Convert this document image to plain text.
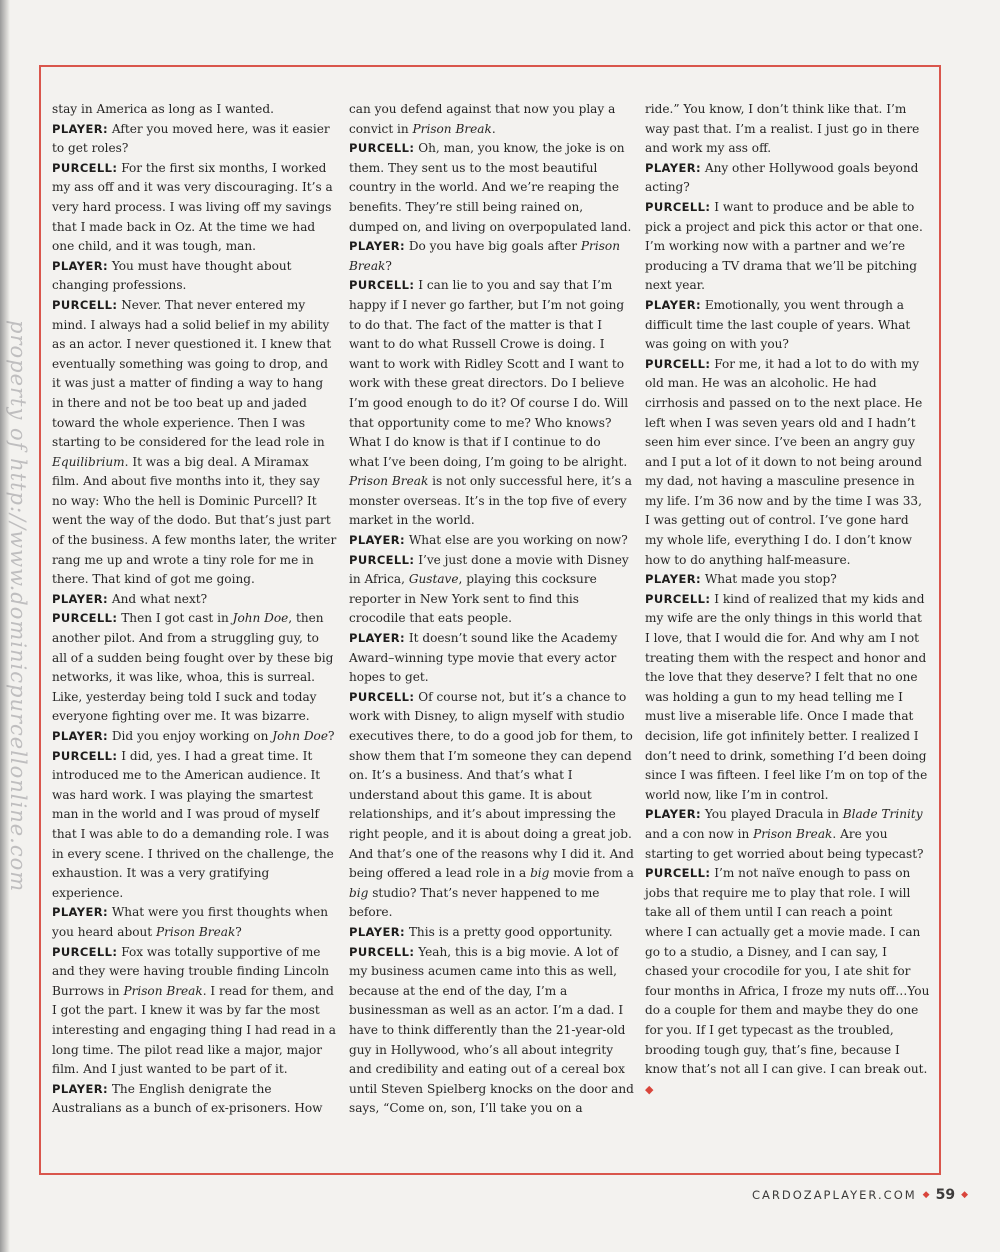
stay in America as long as I wanted.

PLAYER: After you moved here, was it easier to get roles?

PURCELL: For the first six months, I worked my ass off and it was very discouraging. It’s a very hard process. I was living off my savings that I made back in Oz. At the time we had one child, and it was tough, man.

PLAYER: You must have thought about changing professions.

PURCELL: Never. That never entered my mind. I always had a solid belief in my ability as an actor. I never questioned it. I knew that eventually something was going to drop, and it was just a matter of finding a way to hang in there and not be too beat up and jaded toward the whole experience. Then I was starting to be considered for the lead role in Equilibrium. It was a big deal. A Miramax film. And about five months into it, they say no way: Who the hell is Dominic Purcell? It went the way of the dodo. But that’s just part of the business. A few months later, the writer rang me up and wrote a tiny role for me in there. That kind of got me going.

PLAYER: And what next?

PURCELL: Then I got cast in John Doe, then another pilot. And from a struggling guy, to all of a sudden being fought over by these big networks, it was like, whoa, this is surreal. Like, yesterday being told I suck and today everyone fighting over me. It was bizarre.

PLAYER: Did you enjoy working on John Doe?

PURCELL: I did, yes. I had a great time. It introduced me to the American audience. It was hard work. I was playing the smartest man in the world and I was proud of myself that I was able to do a demanding role. I was in every scene. I thrived on the challenge, the exhaustion. It was a very gratifying experience.

PLAYER: What were you first thoughts when you heard about Prison Break?

PURCELL: Fox was totally supportive of me and they were having trouble finding Lincoln Burrows in Prison Break. I read for them, and I got the part. I knew it was by far the most interesting and engaging thing I had read in a long time. The pilot read like a major, major film. And I just wanted to be part of it.

PLAYER: The English denigrate the Australians as a bunch of ex-prisoners. How

can you defend against that now you play a convict in Prison Break.

PURCELL: Oh, man, you know, the joke is on them. They sent us to the most beautiful country in the world. And we’re reaping the benefits. They’re still being rained on, dumped on, and living on overpopulated land.

PLAYER: Do you have big goals after Prison Break?

PURCELL: I can lie to you and say that I’m happy if I never go farther, but I’m not going to do that. The fact of the matter is that I want to do what Russell Crowe is doing. I want to work with Ridley Scott and I want to work with these great directors. Do I believe I’m good enough to do it? Of course I do. Will that opportunity come to me? Who knows? What I do know is that if I continue to do what I’ve been doing, I’m going to be alright. Prison Break is not only successful here, it’s a monster overseas. It’s in the top five of every market in the world.

PLAYER: What else are you working on now?

PURCELL: I’ve just done a movie with Disney in Africa, Gustave, playing this cocksure reporter in New York sent to find this crocodile that eats people.

PLAYER: It doesn’t sound like the Academy Award–winning type movie that every actor hopes to get.

PURCELL: Of course not, but it’s a chance to work with Disney, to align myself with studio executives there, to do a good job for them, to show them that I’m someone they can depend on. It’s a business. And that’s what I understand about this game. It is about relationships, and it’s about impressing the right people, and it is about doing a great job. And that’s one of the reasons why I did it. And being offered a lead role in a big movie from a big studio? That’s never happened to me before.

PLAYER: This is a pretty good opportunity.

PURCELL: Yeah, this is a big movie. A lot of my business acumen came into this as well, because at the end of the day, I’m a businessman as well as an actor. I’m a dad. I have to think differently than the 21-year-old guy in Hollywood, who’s all about integrity and credibility and eating out of a cereal box until Steven Spielberg knocks on the door and says, “Come on, son, I’ll take you on a

ride.” You know, I don’t think like that. I’m way past that. I’m a realist. I just go in there and work my ass off.

PLAYER: Any other Hollywood goals beyond acting?

PURCELL: I want to produce and be able to pick a project and pick this actor or that one. I’m working now with a partner and we’re producing a TV drama that we’ll be pitching next year.

PLAYER: Emotionally, you went through a difficult time the last couple of years. What was going on with you?

PURCELL: For me, it had a lot to do with my old man. He was an alcoholic. He had cirrhosis and passed on to the next place. He left when I was seven years old and I hadn’t seen him ever since. I’ve been an angry guy and I put a lot of it down to not being around my dad, not having a masculine presence in my life. I’m 36 now and by the time I was 33, I was getting out of control. I’ve gone hard my whole life, everything I do. I don’t know how to do anything half-measure.

PLAYER: What made you stop?

PURCELL: I kind of realized that my kids and my wife are the only things in this world that I love, that I would die for. And why am I not treating them with the respect and honor and the love that they deserve? I felt that no one was holding a gun to my head telling me I must live a miserable life. Once I made that decision, life got infinitely better. I realized I don’t need to drink, something I’d been doing since I was fifteen. I feel like I’m on top of the world now, like I’m in control.

PLAYER: You played Dracula in Blade Trinity and a con now in Prison Break. Are you starting to get worried about being typecast?

PURCELL: I’m not naïve enough to pass on jobs that require me to play that role. I will take all of them until I can reach a point where I can actually get a movie made. I can go to a studio, a Disney, and I can say, I chased your crocodile for you, I ate shit for four months in Africa, I froze my nuts off…You do a couple for them and maybe they do one for you. If I get typecast as the troubled, brooding tough guy, that’s fine, because I know that’s not all I can give. I can break out. ◆

property of http://www.dominicpurcellonline.com
CARDOZAPLAYER.COM ◆ 59 ◆
